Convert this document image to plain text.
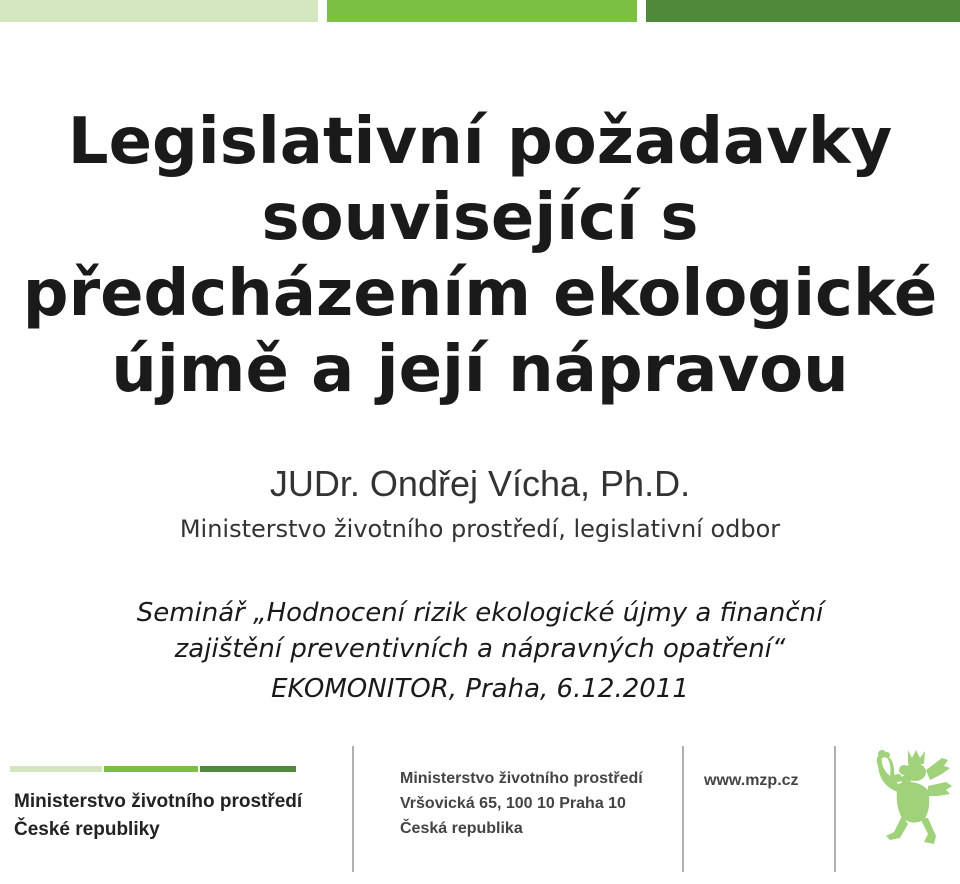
Legislativní požadavky
související s
předcházením ekologické
újmě a její nápravou
JUDr. Ondřej Vícha, Ph.D.
Ministerstvo životního prostředí, legislativní odbor
Seminář „Hodnocení rizik ekologické újmy a finanční
zajištění preventivních a nápravných opatření“
EKOMONITOR, Praha, 6.12.2011
Ministerstvo životního prostředí
České republiky
Ministerstvo životního prostředí
Vršovická 65, 100 10 Praha 10
Česká republika
www.mzp.cz
